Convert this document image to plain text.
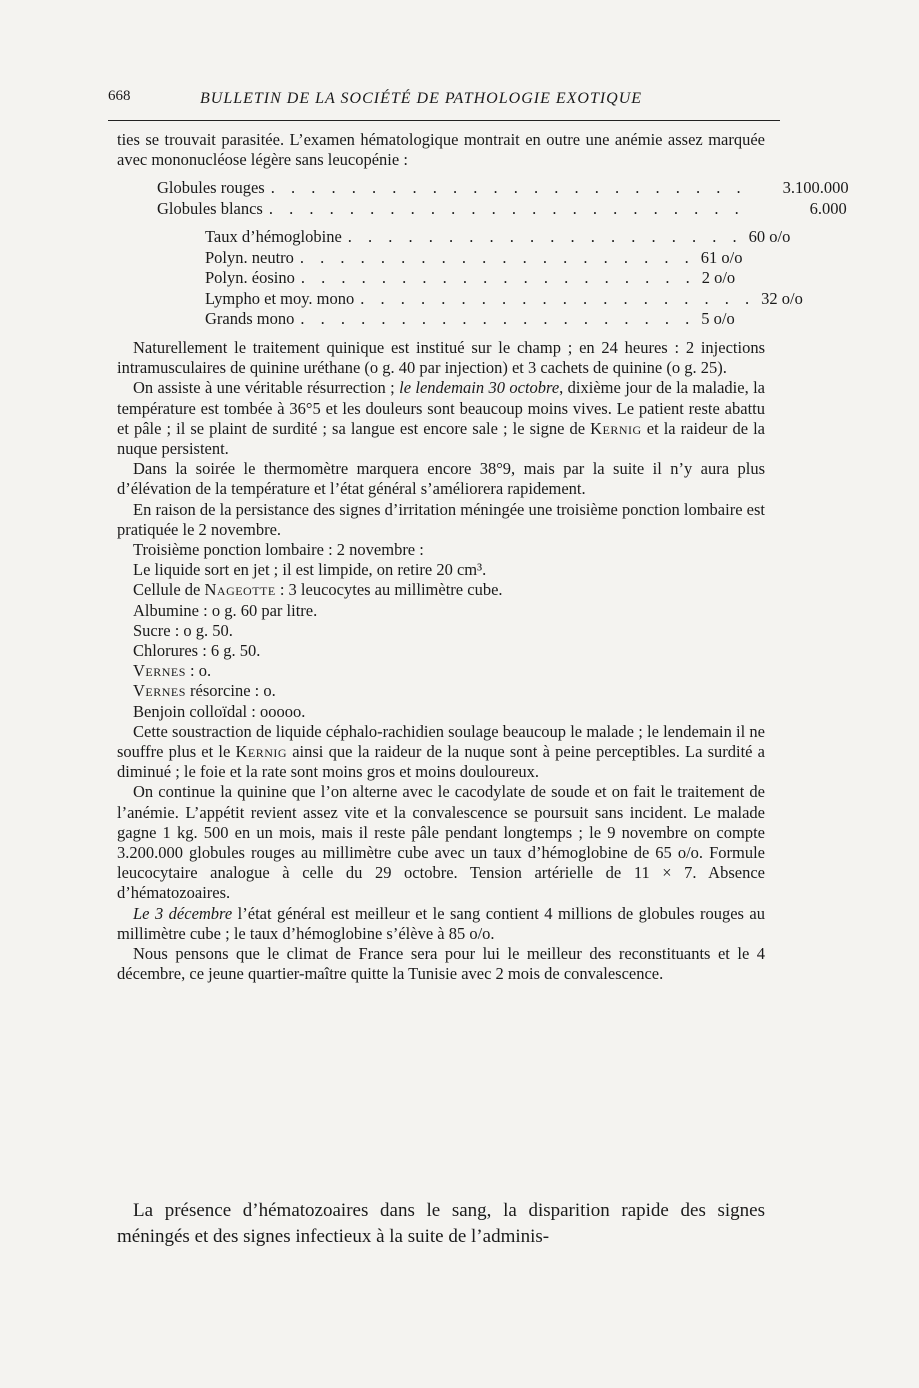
668	BULLETIN DE LA SOCIÉTÉ DE PATHOLOGIE EXOTIQUE

ties se trouvait parasitée. L’examen hématologique montrait en outre une anémie assez marquée avec mononucléose légère sans leucopénie :

Globules rouges . . . . . . . . . . . . . . . . . . . . . . . .	3.100.000
Globules blancs . . . . . . . . . . . . . . . . . . . . . . . .	6.000
Taux d’hémoglobine . . . . . . . . . . . . . . . . . . . . 60 o/o
Polyn. neutro . . . . . . . . . . . . . . . . . . . . 61 o/o
Polyn. éosino . . . . . . . . . . . . . . . . . . . . 2 o/o
Lympho et moy. mono . . . . . . . . . . . . . . . . . . . . 32 o/o
Grands mono . . . . . . . . . . . . . . . . . . . . 5 o/o

Naturellement le traitement quinique est institué sur le champ ; en 24 heures : 2 injections intramusculaires de quinine uréthane (o g. 40 par injection) et 3 cachets de quinine (o g. 25).

On assiste à une véritable résurrection ; le lendemain 30 octobre, dixième jour de la maladie, la température est tombée à 36°5 et les douleurs sont beaucoup moins vives. Le patient reste abattu et pâle ; il se plaint de surdité ; sa langue est encore sale ; le signe de Kernig et la raideur de la nuque persistent.

Dans la soirée le thermomètre marquera encore 38°9, mais par la suite il n’y aura plus d’élévation de la température et l’état général s’améliorera rapidement.

En raison de la persistance des signes d’irritation méningée une troisième ponction lombaire est pratiquée le 2 novembre.

Troisième ponction lombaire : 2 novembre :

Le liquide sort en jet ; il est limpide, on retire 20 cm³.

Cellule de Nageotte : 3 leucocytes au millimètre cube.

Albumine : o g. 60 par litre.

Sucre : o g. 50.

Chlorures : 6 g. 50.

Vernes : o.

Vernes résorcine : o.

Benjoin colloïdal : ooooo.

Cette soustraction de liquide céphalo-rachidien soulage beaucoup le malade ; le lendemain il ne souffre plus et le Kernig ainsi que la raideur de la nuque sont à peine perceptibles. La surdité a diminué ; le foie et la rate sont moins gros et moins douloureux.

On continue la quinine que l’on alterne avec le cacodylate de soude et on fait le traitement de l’anémie. L’appétit revient assez vite et la convalescence se poursuit sans incident. Le malade gagne 1 kg. 500 en un mois, mais il reste pâle pendant longtemps ; le 9 novembre on compte 3.200.000 globules rouges au millimètre cube avec un taux d’hémoglobine de 65 o/o. Formule leucocytaire analogue à celle du 29 octobre. Tension artérielle de 11 × 7. Absence d’hématozoaires.

Le 3 décembre l’état général est meilleur et le sang contient 4 millions de globules rouges au millimètre cube ; le taux d’hémoglobine s’élève à 85 o/o.

Nous pensons que le climat de France sera pour lui le meilleur des reconstituants et le 4 décembre, ce jeune quartier-maître quitte la Tunisie avec 2 mois de convalescence.

La présence d’hématozoaires dans le sang, la disparition rapide des signes méningés et des signes infectieux à la suite de l’adminis-
